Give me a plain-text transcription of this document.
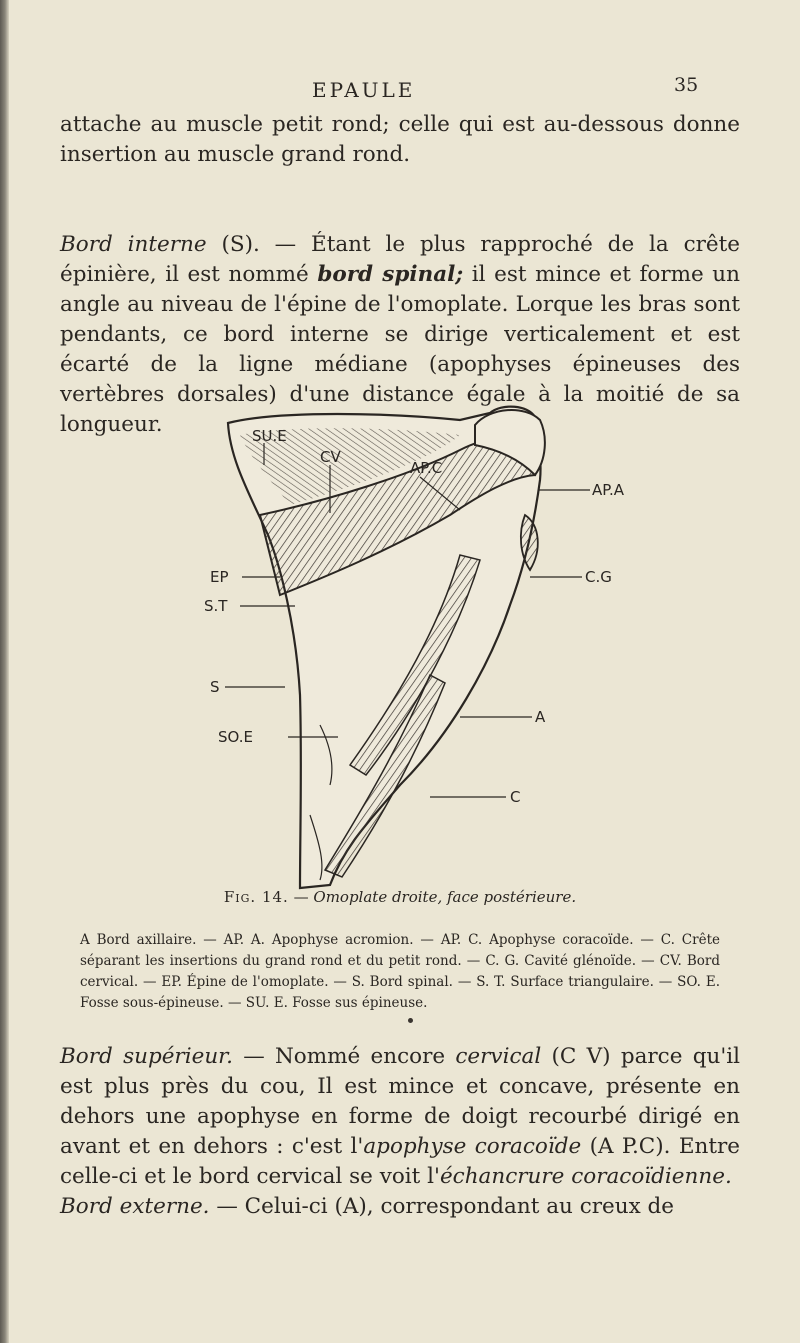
EPAULE	35

attache au muscle petit rond; celle qui est au-dessous donne insertion au muscle grand rond.

Bord interne (S). — Étant le plus rapproché de la crête épinière, il est nommé bord spinal; il est mince et forme un angle au niveau de l'épine de l'omoplate. Lorque les bras sont pendants, ce bord interne se dirige verticalement et est écarté de la ligne médiane (apophyses épineuses des vertèbres dorsales) d'une distance égale à la moitié de sa longueur.	SU.E
CV
AP.C
AP.A
EP	C.G
S.T
S
A
SO.E
C
Fig. 14. — Omoplate droite, face postérieure.

A Bord axillaire. — AP. A. Apophyse acromion. — AP. C. Apophyse coracoïde. — C. Crête séparant les insertions du grand rond et du petit rond. — C. G. Cavité glénoïde. — CV. Bord cervical. — EP. Épine de l'omoplate. — S. Bord spinal. — S. T. Surface triangulaire. — SO. E. Fosse sous-épineuse. — SU. E. Fosse sus épineuse.

Bord supérieur. — Nommé encore cervical (C V) parce qu'il est plus près du cou, Il est mince et concave, présente en dehors une apophyse en forme de doigt recourbé dirigé en avant et en dehors : c'est l'apophyse coracoïde (A P.C). Entre celle-ci et le bord cervical se voit l'échancrure coracoïdienne.
Bord externe. — Celui-ci (A), correspondant au creux de
